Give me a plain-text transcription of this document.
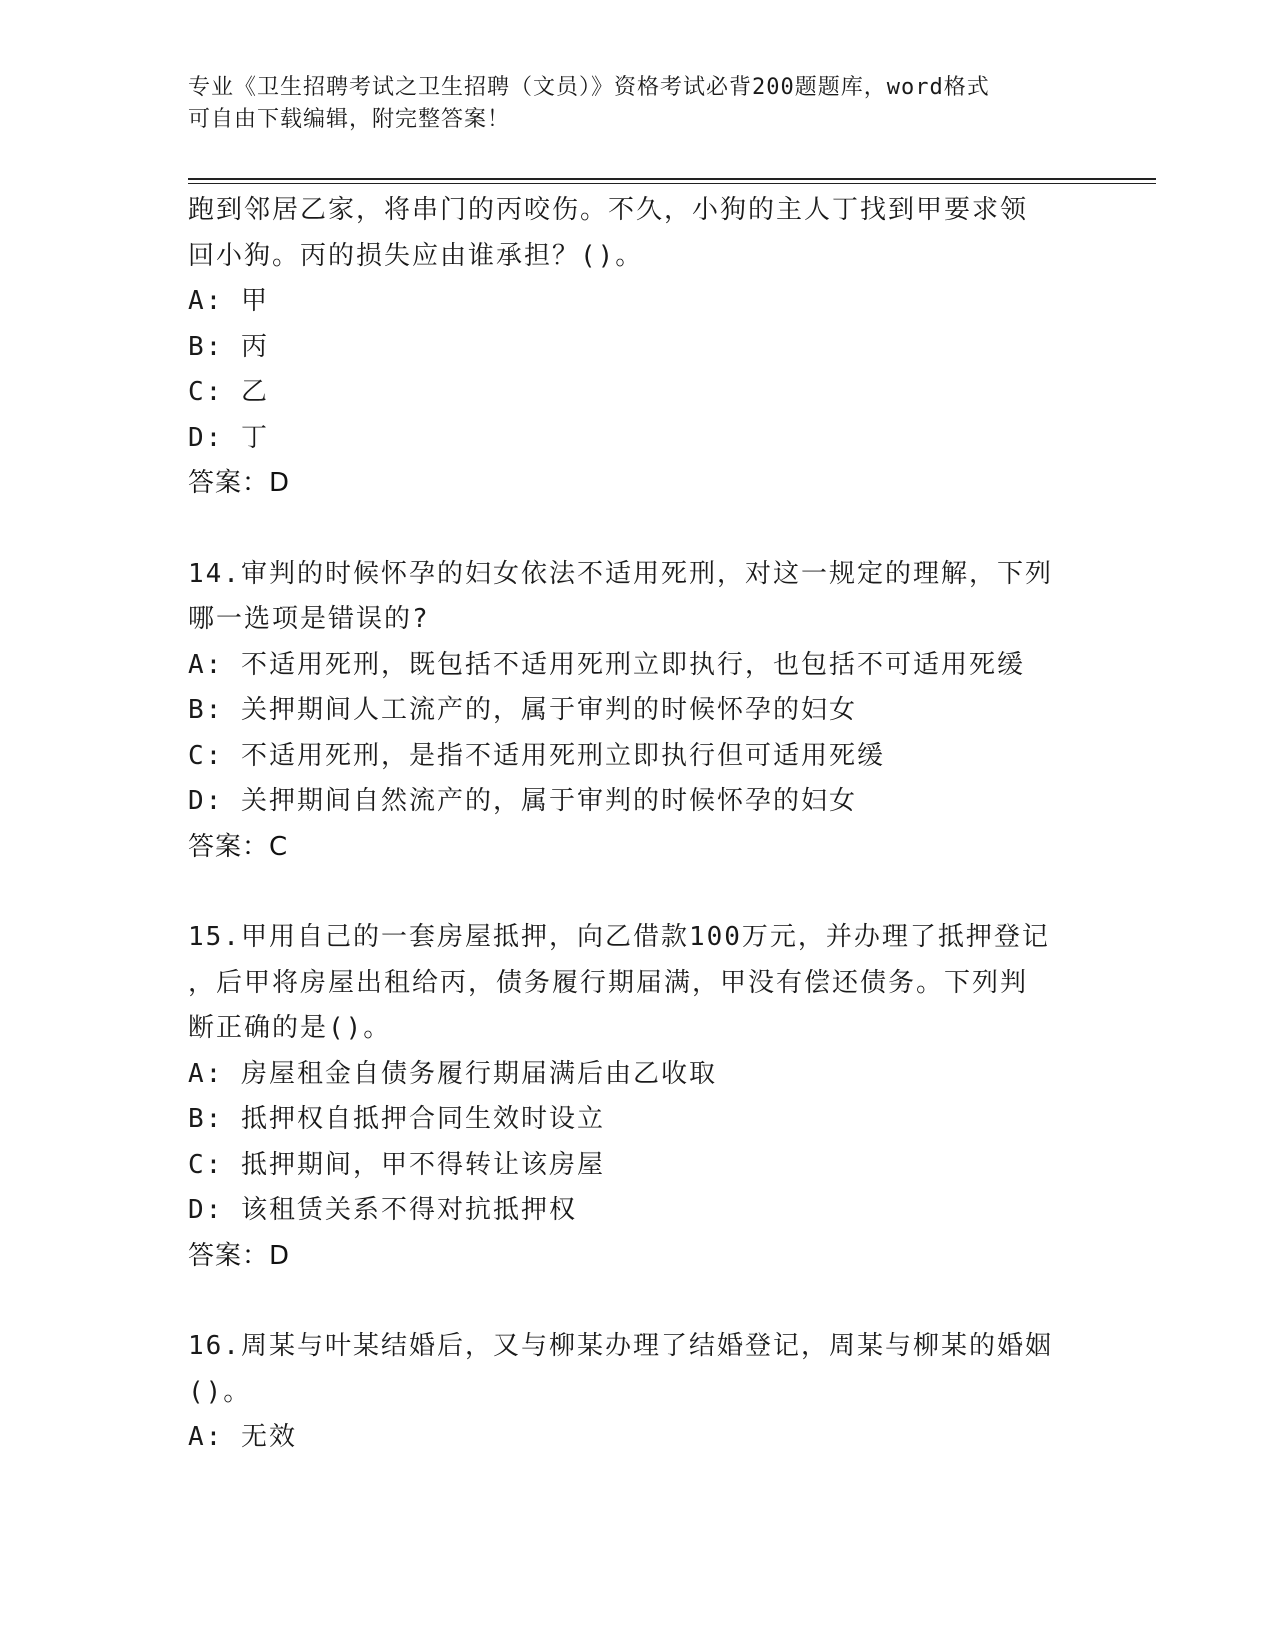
专业《卫生招聘考试之卫生招聘（文员）》资格考试必背200题题库，word格式
可自由下载编辑，附完整答案！
跑到邻居乙家，将串门的丙咬伤。不久，小狗的主人丁找到甲要求领
回小狗。丙的损失应由谁承担？()。
A: 甲
B: 丙
C: 乙
D: 丁
答案：D
14.审判的时候怀孕的妇女依法不适用死刑，对这一规定的理解，下列
哪一选项是错误的?
A: 不适用死刑，既包括不适用死刑立即执行，也包括不可适用死缓
B: 关押期间人工流产的，属于审判的时候怀孕的妇女
C: 不适用死刑，是指不适用死刑立即执行但可适用死缓
D: 关押期间自然流产的，属于审判的时候怀孕的妇女
答案：C
15.甲用自己的一套房屋抵押，向乙借款100万元，并办理了抵押登记
，后甲将房屋出租给丙，债务履行期届满，甲没有偿还债务。下列判
断正确的是()。
A: 房屋租金自债务履行期届满后由乙收取
B: 抵押权自抵押合同生效时设立
C: 抵押期间，甲不得转让该房屋
D: 该租赁关系不得对抗抵押权
答案：D
16.周某与叶某结婚后，又与柳某办理了结婚登记，周某与柳某的婚姻
()。
A: 无效
